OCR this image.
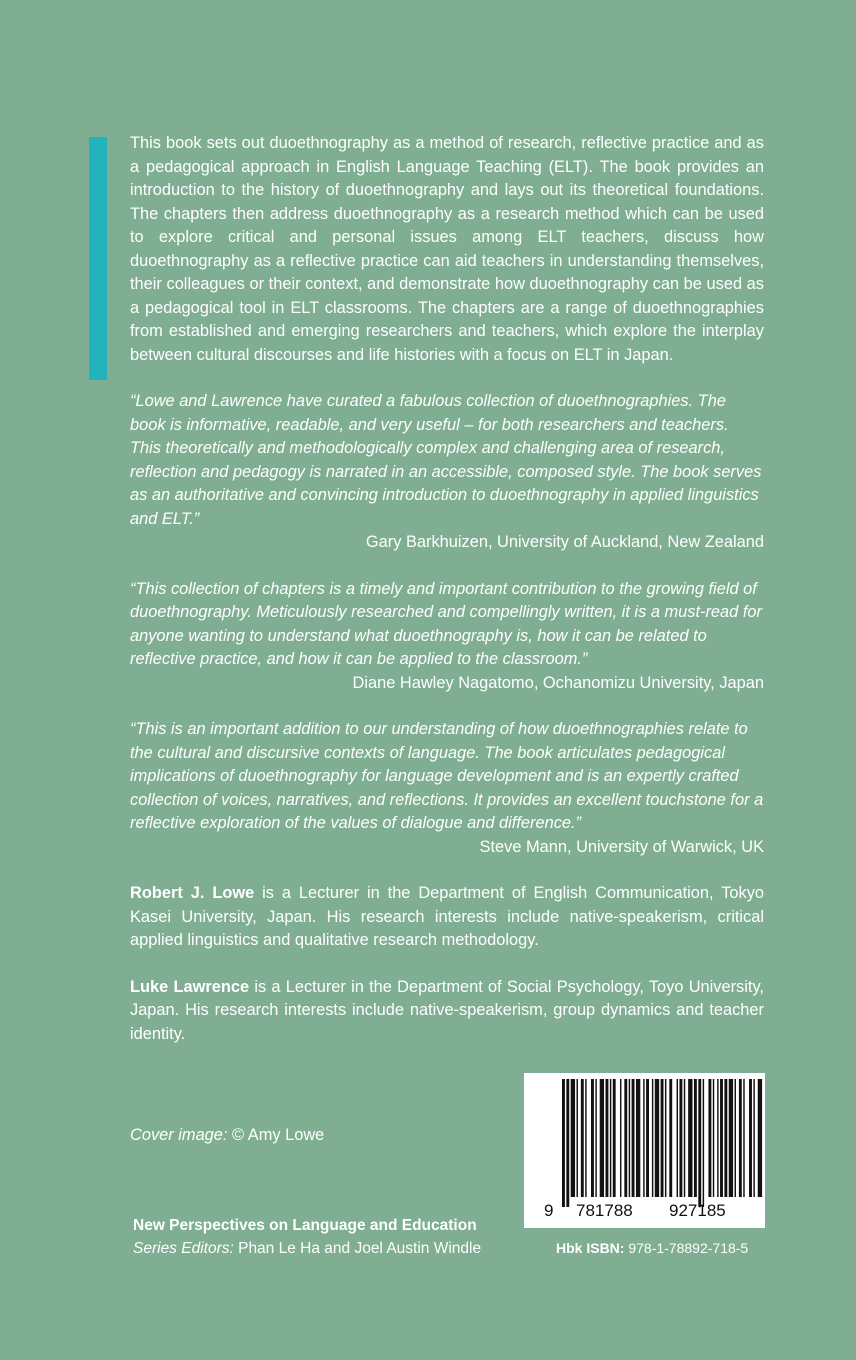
This book sets out duoethnography as a method of research, reflective practice and as a pedagogical approach in English Language Teaching (ELT). The book provides an introduction to the history of duoethnography and lays out its theoretical foundations. The chapters then address duoethnography as a research method which can be used to explore critical and personal issues among ELT teachers, discuss how duoethnography as a reflective practice can aid teachers in understanding themselves, their colleagues or their context, and demonstrate how duoethnography can be used as a pedagogical tool in ELT classrooms. The chapters are a range of duoethnographies from established and emerging researchers and teachers, which explore the interplay between cultural discourses and life histories with a focus on ELT in Japan.

“Lowe and Lawrence have curated a fabulous collection of duoethnographies. The book is informative, readable, and very useful – for both researchers and teachers. This theoretically and methodologically complex and challenging area of research, reflection and pedagogy is narrated in an accessible, composed style. The book serves as an authoritative and convincing introduction to duoethnography in applied linguistics and ELT.”

Gary Barkhuizen, University of Auckland, New Zealand

“This collection of chapters is a timely and important contribution to the growing field of duoethnography. Meticulously researched and compellingly written, it is a must-read for anyone wanting to understand what duoethnography is, how it can be related to reflective practice, and how it can be applied to the classroom.”

Diane Hawley Nagatomo, Ochanomizu University, Japan

“This is an important addition to our understanding of how duoethnographies relate to the cultural and discursive contexts of language. The book articulates pedagogical implications of duoethnography for language development and is an expertly crafted collection of voices, narratives, and reflections. It provides an excellent touchstone for a reflective exploration of the values of dialogue and difference.”

Steve Mann, University of Warwick, UK

Robert J. Lowe is a Lecturer in the Department of English Communication, Tokyo Kasei University, Japan. His research interests include native-speakerism, critical applied linguistics and qualitative research methodology.

Luke Lawrence is a Lecturer in the Department of Social Psychology, Toyo University, Japan. His research interests include native-speakerism, group dynamics and teacher identity.

Cover image: © Amy Lowe
New Perspectives on Language and Education
Series Editors: Phan Le Ha and Joel Austin Windle
9 781788 927185
Hbk ISBN: 978-1-78892-718-5
